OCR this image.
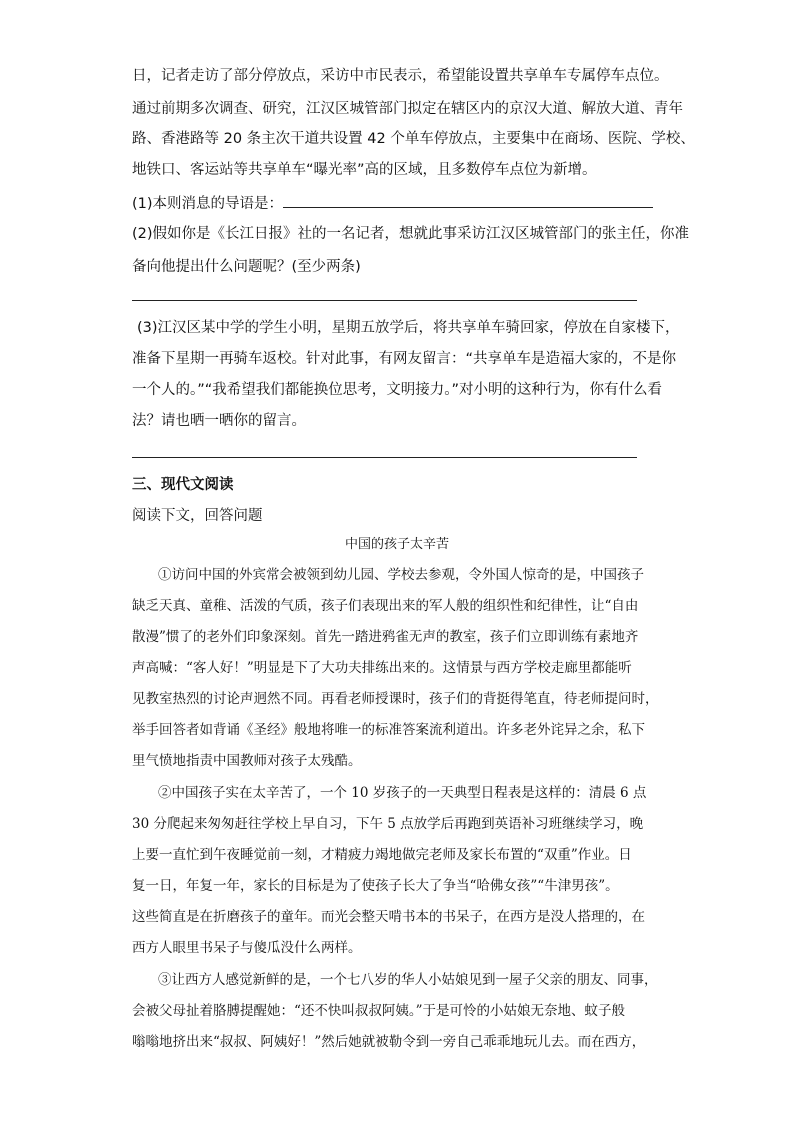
日，记者走访了部分停放点，采访中市民表示，希望能设置共享单车专属停车点位。
通过前期多次调查、研究，江汉区城管部门拟定在辖区内的京汉大道、解放大道、青年
路、香港路等 20 条主次干道共设置 42 个单车停放点，主要集中在商场、医院、学校、
地铁口、客运站等共享单车“曝光率”高的区域，且多数停车点位为新增。
(1)本则消息的导语是：
(2)假如你是《长江日报》社的一名记者，想就此事采访江汉区城管部门的张主任，你准
备向他提出什么问题呢？(至少两条)
(3)江汉区某中学的学生小明，星期五放学后，将共享单车骑回家，停放在自家楼下，
准备下星期一再骑车返校。针对此事，有网友留言：“共享单车是造福大家的，不是你
一个人的。”“我希望我们都能换位思考，文明接力。”对小明的这种行为，你有什么看
法？请也晒一晒你的留言。
三、现代文阅读
阅读下文，回答问题
中国的孩子太辛苦
①访问中国的外宾常会被领到幼儿园、学校去参观，令外国人惊奇的是，中国孩子
缺乏天真、童稚、活泼的气质，孩子们表现出来的军人般的组织性和纪律性，让“自由
散漫”惯了的老外们印象深刻。首先一踏进鸦雀无声的教室，孩子们立即训练有素地齐
声高喊：“客人好！”明显是下了大功夫排练出来的。这情景与西方学校走廊里都能听
见教室热烈的讨论声迥然不同。再看老师授课时，孩子们的背挺得笔直，待老师提问时，
举手回答者如背诵《圣经》般地将唯一的标准答案流利道出。许多老外诧异之余，私下
里气愤地指责中国教师对孩子太残酷。
②中国孩子实在太辛苦了，一个 10 岁孩子的一天典型日程表是这样的：清晨 6 点
30 分爬起来匆匆赶往学校上早自习，下午 5 点放学后再跑到英语补习班继续学习，晚
上要一直忙到午夜睡觉前一刻，才精疲力竭地做完老师及家长布置的“双重”作业。日
复一日，年复一年，家长的目标是为了使孩子长大了争当“哈佛女孩”“牛津男孩”。
这些简直是在折磨孩子的童年。而光会整天啃书本的书呆子，在西方是没人搭理的，在
西方人眼里书呆子与傻瓜没什么两样。
③让西方人感觉新鲜的是，一个七八岁的华人小姑娘见到一屋子父亲的朋友、同事，
会被父母扯着胳膊提醒她：“还不快叫叔叔阿姨。”于是可怜的小姑娘无奈地、蚊子般
嗡嗡地挤出来“叔叔、阿姨好！”然后她就被勒令到一旁自己乖乖地玩儿去。而在西方，
